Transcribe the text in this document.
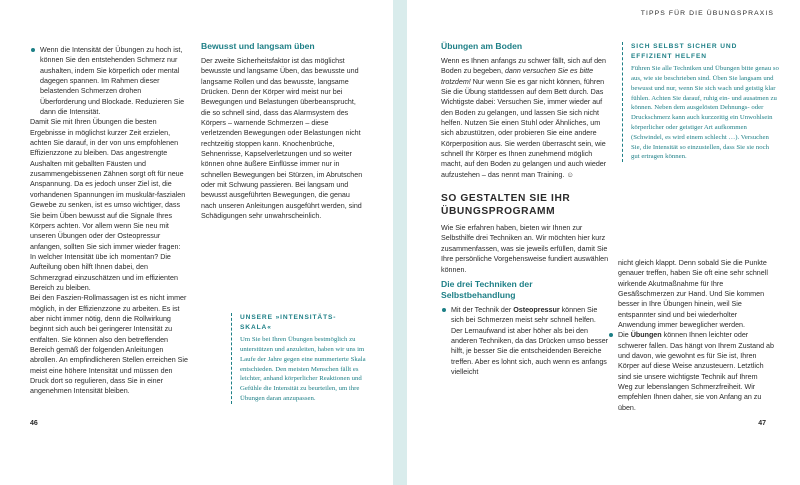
Wenn die Intensität der Übungen zu hoch ist, können Sie den entstehenden Schmerz nur aushalten, indem Sie körperlich oder mental dagegen spannen. Im Rahmen dieser belastenden Schmerzen drohen Überforderung und Blockade. Reduzieren Sie dann die Intensität.

Damit Sie mit Ihren Übungen die besten Ergebnisse in möglichst kurzer Zeit erzielen, achten Sie darauf, in der von uns empfohlenen Effizienzzone zu bleiben. Das angestrengte Aushalten mit geballten Fäusten und zusammengebissenen Zähnen sorgt oft für neue Anspannung. Da es jedoch unser Ziel ist, die vorhandenen Spannungen im muskulär-faszialen Gewebe zu senken, ist es umso wichtiger, dass Sie beim Üben bewusst auf die Signale Ihres Körpers achten. Vor allem wenn Sie neu mit unseren Übungen oder der Osteopressur anfangen, sollten Sie sich immer wieder fragen: In welcher Intensität übe ich momentan? Die Aufteilung oben hilft Ihnen dabei, den Schmerzgrad einzuschätzen und im effizienten Bereich zu bleiben.

Bei den Faszien-Rollmassagen ist es nicht immer möglich, in der Effizienzzone zu arbeiten. Es ist aber nicht immer nötig, denn die Rollwirkung beginnt sich auch bei geringerer Intensität zu entfalten. Sie können also den betreffenden Bereich gemäß der folgenden Anleitungen abrollen. An empfindlicheren Stellen erreichen Sie meist eine höhere Intensität und müssen den Druck dort so regulieren, dass Sie in einer angenehmen Intensität bleiben.

Bewusst und langsam üben

Der zweite Sicherheitsfaktor ist das möglichst bewusste und langsame Üben, das bewusste und langsame Rollen und das bewusste, langsame Drücken. Denn der Körper wird meist nur bei Bewegungen und Belastungen überbeansprucht, die so schnell sind, dass das Alarmsystem des Körpers – warnende Schmerzen – diese verletzenden Bewegungen oder Belastungen nicht rechtzeitig stoppen kann. Knochenbrüche, Sehnenrisse, Kapselverletzungen und so weiter können ohne äußere Einflüsse immer nur in schnellen Bewegungen bei Stürzen, im Abrutschen oder mit Schwung passieren. Bei langsam und bewusst ausgeführten Bewegungen, die genau nach unseren Anleitungen ausgeführt werden, sind Schädigungen sehr unwahrscheinlich.

UNSERE »INTENSITÄTS-SKALA«

Um Sie bei Ihren Übungen bestmöglich zu unterstützen und anzuleiten, haben wir uns im Laufe der Jahre gegen eine nummerierte Skala entschieden. Den meisten Menschen fällt es leichter, anhand körperlicher Reaktionen und Gefühle die Intensität zu beurteilen, um ihre Übungen daran anzupassen.

46
TIPPS FÜR DIE ÜBUNGSPRAXIS

Übungen am Boden

Wenn es Ihnen anfangs zu schwer fällt, sich auf den Boden zu begeben, dann versuchen Sie es bitte trotzdem! Nur wenn Sie es gar nicht können, führen Sie die Übung stattdessen auf dem Bett durch. Das Wichtigste dabei: Versuchen Sie, immer wieder auf den Boden zu gelangen, und lassen Sie sich nicht helfen. Nutzen Sie einen Stuhl oder Ähnliches, um sich abzustützen, oder probieren Sie eine andere Körperposition aus. Sie werden überrascht sein, wie schnell Ihr Körper es Ihnen zunehmend möglich macht, auf den Boden zu gelangen und auch wieder aufzustehen – das nennt man Training. ☺

SO GESTALTEN SIE IHR ÜBUNGSPROGRAMM

Wie Sie erfahren haben, bieten wir Ihnen zur Selbsthilfe drei Techniken an. Wir möchten hier kurz zusammenfassen, was sie jeweils erfüllen, damit Sie Ihre persönliche Vorgehensweise fundiert auswählen können.

Die drei Techniken der Selbstbehandlung

Mit der Technik der Osteopressur können Sie sich bei Schmerzen meist sehr schnell helfen. Der Lernaufwand ist aber höher als bei den anderen Techniken, da das Drücken umso besser hilft, je besser Sie die entscheidenden Bereiche treffen. Aber es lohnt sich, auch wenn es anfangs vielleicht

SICH SELBST SICHER UND EFFIZIENT HELFEN

Führen Sie alle Techniken und Übungen bitte genau so aus, wie sie beschrieben sind. Üben Sie langsam und bewusst und nur, wenn Sie sich wach und geistig klar fühlen. Achten Sie darauf, ruhig ein- und ausatmen zu können. Neben dem ausgelösten Dehnungs- oder Druckschmerz kann auch kurzzeitig ein Unwohlsein körperlicher oder geistiger Art aufkommen (Schwindel, es wird einem schlecht …). Versuchen Sie, die Intensität so einzustellen, dass Sie sie noch gut ertragen können.

nicht gleich klappt. Denn sobald Sie die Punkte genauer treffen, haben Sie oft eine sehr schnell wirkende Akutmaßnahme für Ihre Gesäßschmerzen zur Hand. Und Sie kommen besser in Ihre Übungen hinein, weil Sie entspannter sind und bei wiederholter Anwendung immer beweglicher werden.

Die Übungen können Ihnen leichter oder schwerer fallen. Das hängt von Ihrem Zustand ab und davon, wie gewohnt es für Sie ist, Ihren Körper auf diese Weise anzusteuern. Letztlich sind sie unsere wichtigste Technik auf Ihrem Weg zur lebenslangen Schmerzfreiheit. Wir empfehlen Ihnen daher, sie von Anfang an zu üben.

47
